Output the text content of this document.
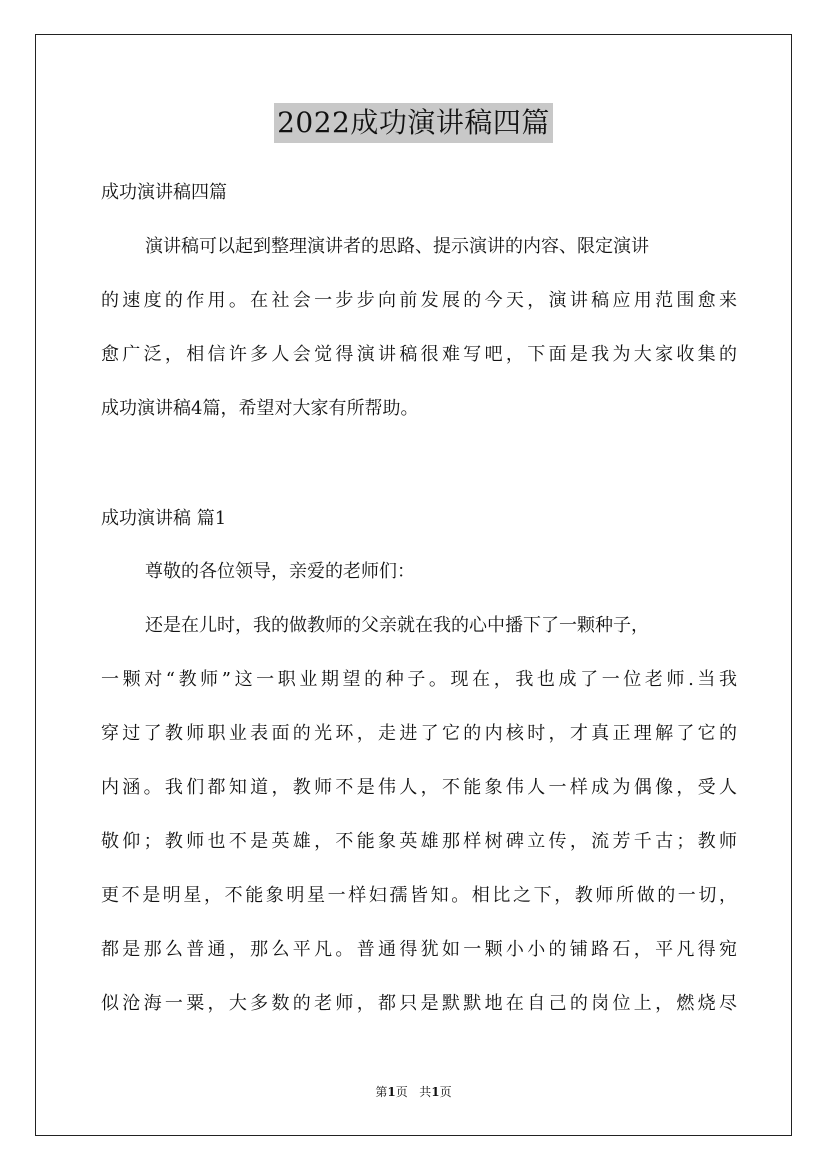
2022成功演讲稿四篇
成功演讲稿四篇
演讲稿可以起到整理演讲者的思路、提示演讲的内容、限定演讲
的速度的作用。在社会一步步向前发展的今天，演讲稿应用范围愈来
愈广泛，相信许多人会觉得演讲稿很难写吧，下面是我为大家收集的
成功演讲稿4篇，希望对大家有所帮助。
成功演讲稿 篇1
尊敬的各位领导，亲爱的老师们：
还是在儿时，我的做教师的父亲就在我的心中播下了一颗种子，
一颗对“教师”这一职业期望的种子。现在，我也成了一位老师.当我
穿过了教师职业表面的光环，走进了它的内核时，才真正理解了它的
内涵。我们都知道，教师不是伟人，不能象伟人一样成为偶像，受人
敬仰；教师也不是英雄，不能象英雄那样树碑立传，流芳千古；教师
更不是明星，不能象明星一样妇孺皆知。相比之下，教师所做的一切，
都是那么普通，那么平凡。普通得犹如一颗小小的铺路石，平凡得宛
似沧海一粟，大多数的老师，都只是默默地在自己的岗位上，燃烧尽
第1页 共1页
